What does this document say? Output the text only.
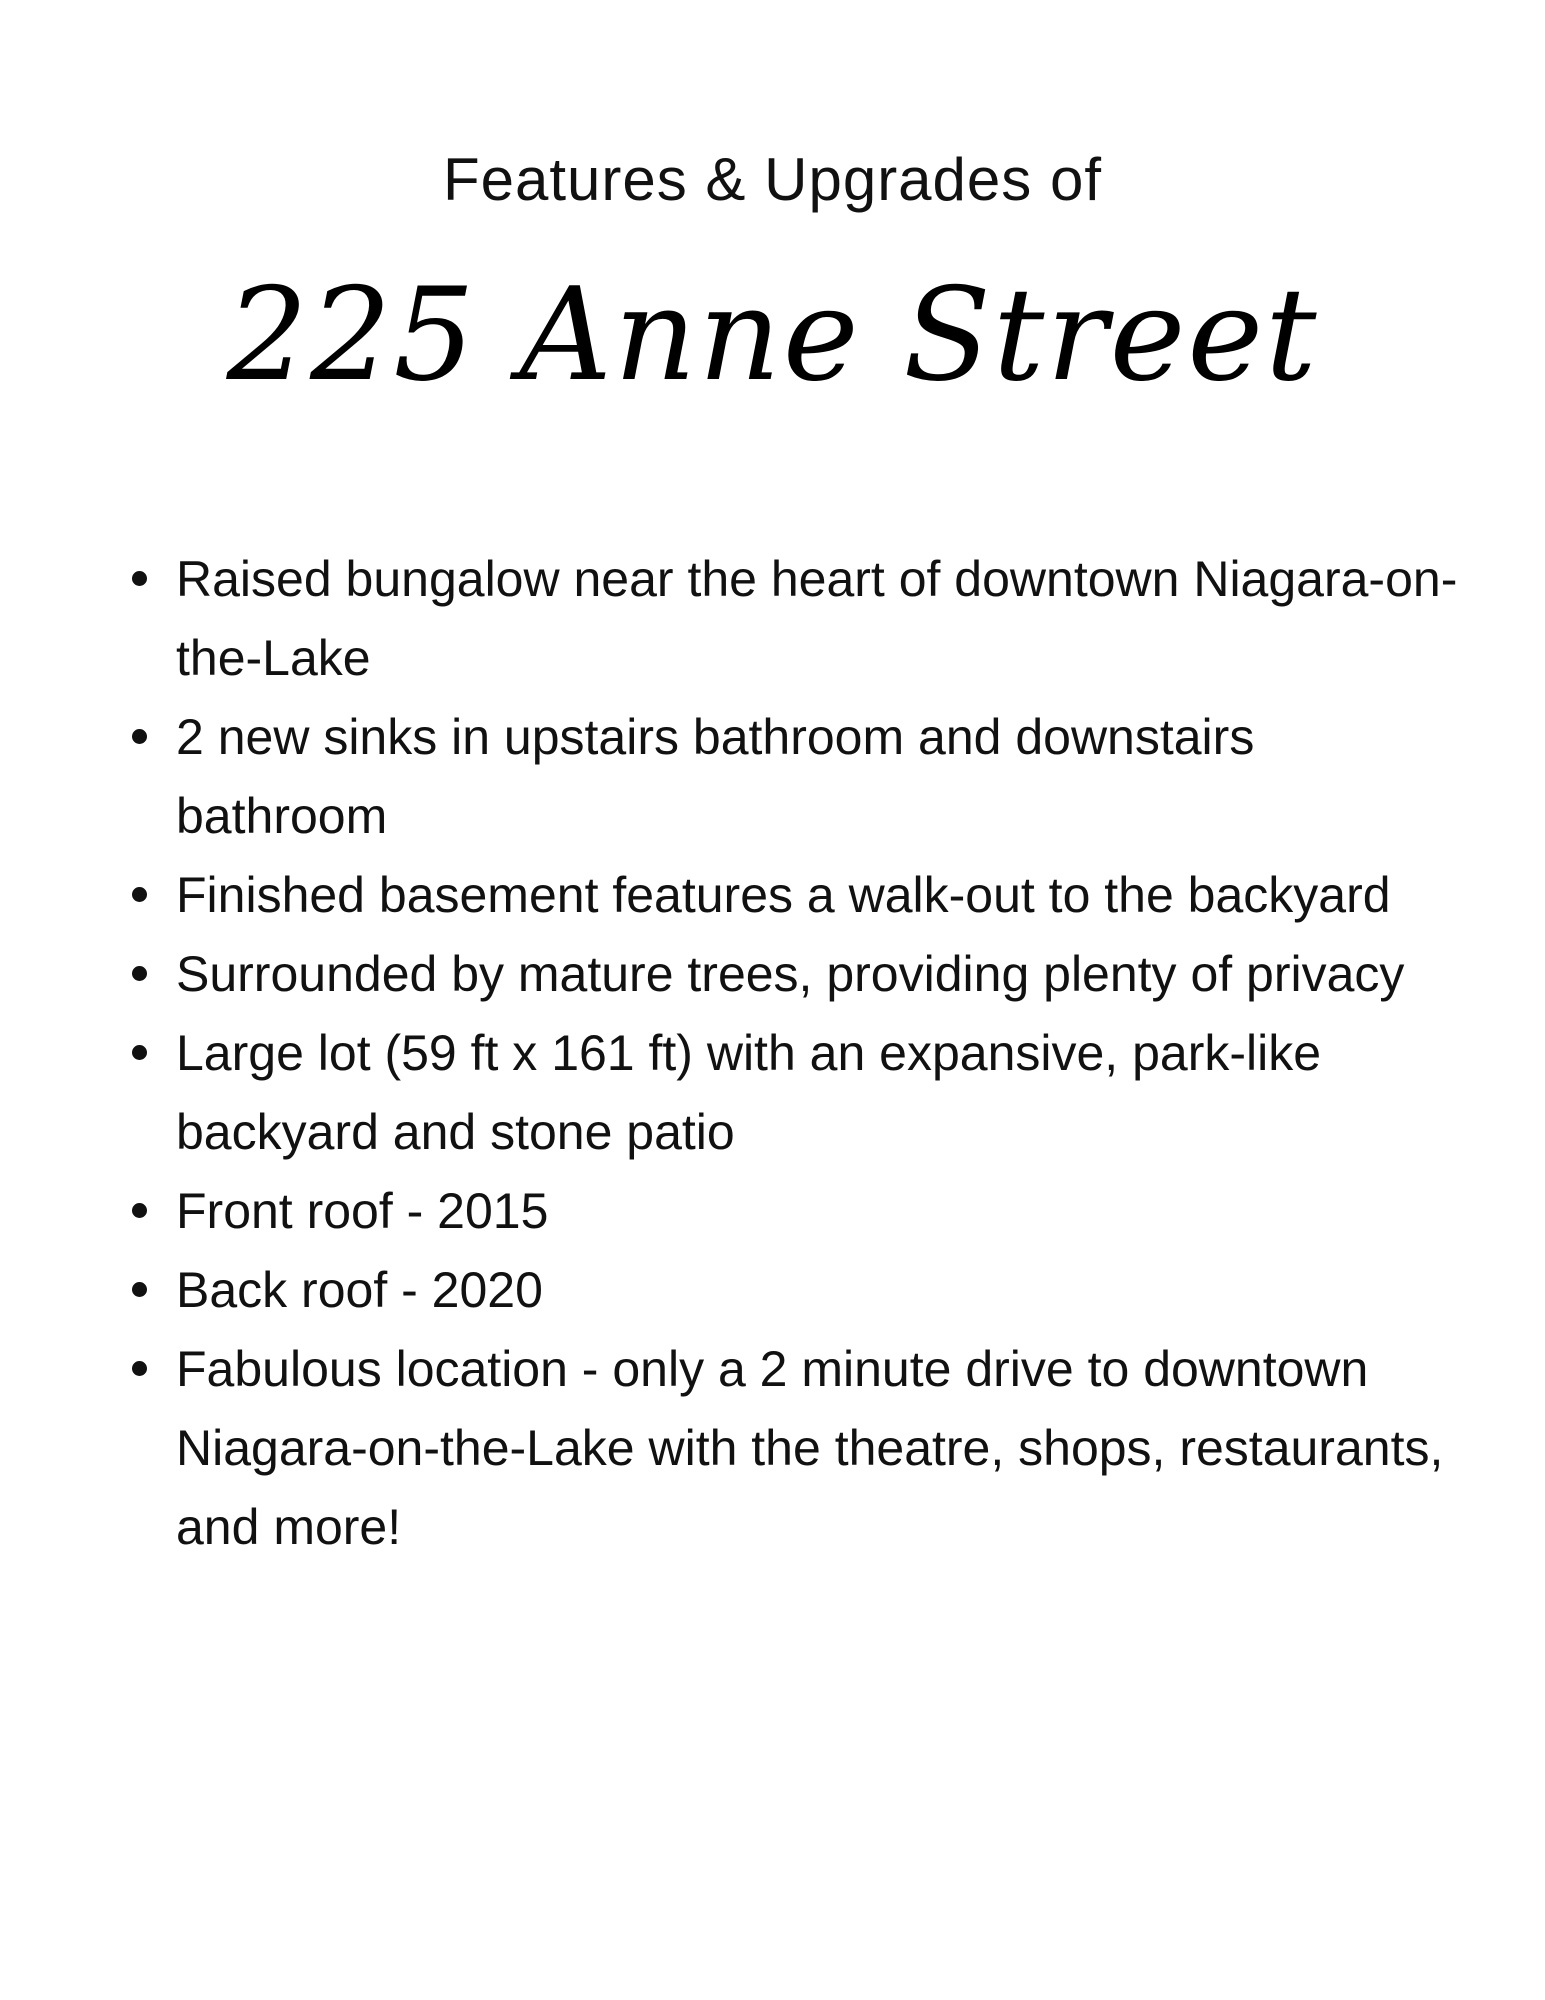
Features & Upgrades of
225 Anne Street
Raised bungalow near the heart of downtown Niagara-on-the-Lake
2 new sinks in upstairs bathroom and downstairs bathroom
Finished basement features a walk-out to the backyard
Surrounded by mature trees, providing plenty of privacy
Large lot (59 ft x 161 ft) with an expansive, park-like backyard and stone patio
Front roof - 2015
Back roof - 2020
Fabulous location - only a 2 minute drive to downtown Niagara-on-the-Lake with the theatre, shops, restaurants, and more!
